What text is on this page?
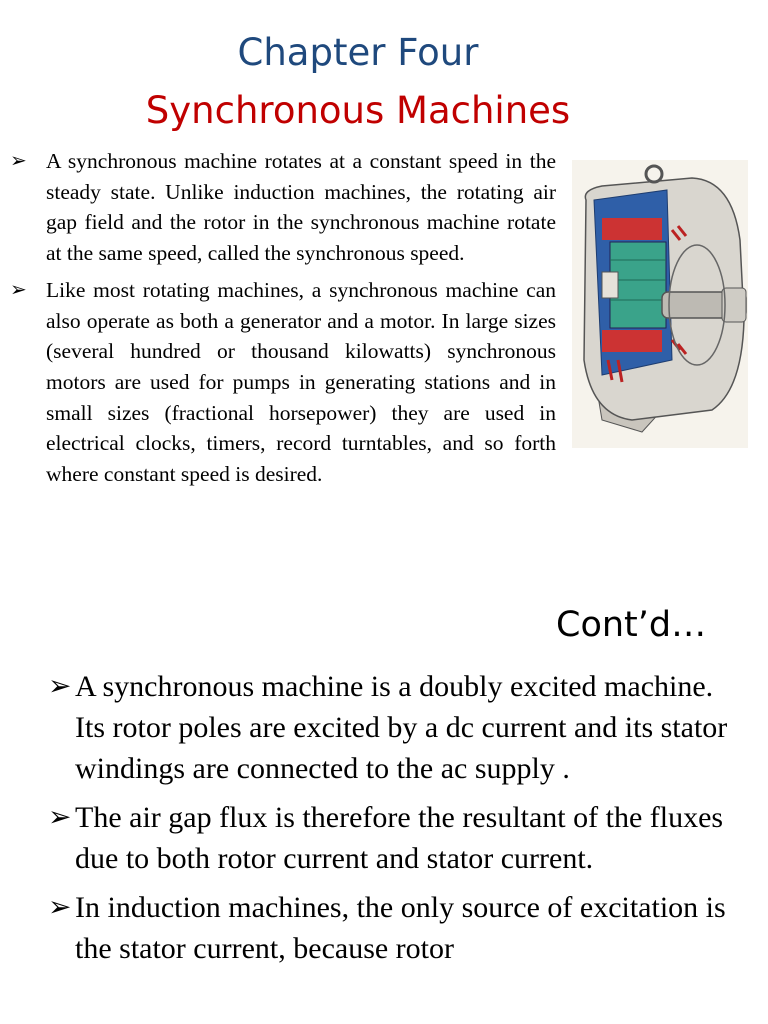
Chapter Four
Synchronous Machines
➢ A synchronous machine rotates at a constant speed in the steady state. Unlike induction machines, the rotating air gap field and the rotor in the synchronous machine rotate at the same speed, called the synchronous speed.
➢ Like most rotating machines, a synchronous machine can also operate as both a generator and a motor. In large sizes (several hundred or thousand kilowatts) synchronous motors are used for pumps in generating stations and in small sizes (fractional horsepower) they are used in electrical clocks, timers, record turntables, and so forth where constant speed is desired.
Cont’d…
➢ A synchronous machine is a doubly excited machine. Its rotor poles are excited by a dc current and its stator windings are connected to the ac supply .
➢ The air gap flux is therefore the resultant of the fluxes due to both rotor current and stator current.
➢ In induction machines, the only source of excitation is the stator current, because rotor
